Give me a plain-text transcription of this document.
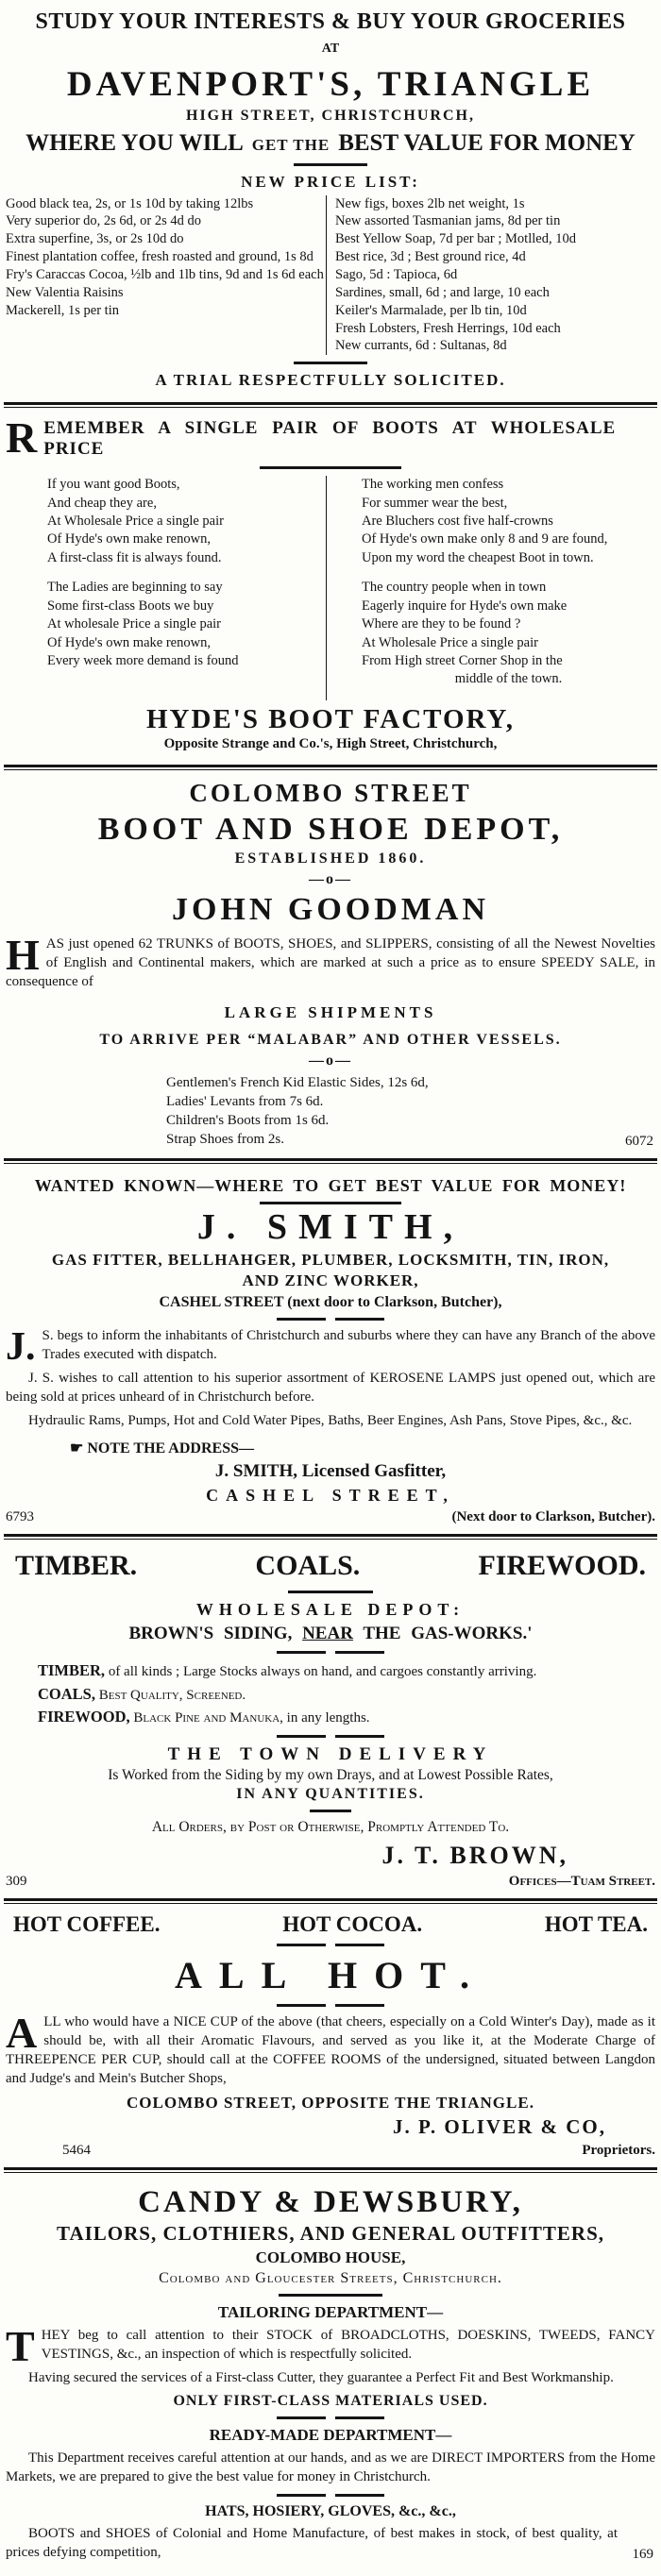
STUDY YOUR INTERESTS & BUY YOUR GROCERIES
AT
DAVENPORT'S, TRIANGLE
HIGH STREET, CHRISTCHURCH,
WHERE YOU WILL GET THE BEST VALUE FOR MONEY
NEW PRICE LIST:
Good black tea, 2s, or 1s 10d by taking 12lbs
Very superior do, 2s 6d, or 2s 4d do
Extra superfine, 3s, or 2s 10d do
Finest plantation coffee, fresh roasted and ground, 1s 8d
Fry's Caraccas Cocoa, ½lb and 1lb tins, 9d and 1s 6d each
New Valentia Raisins
Mackerell, 1s per tin
New figs, boxes 2lb net weight, 1s
New assorted Tasmanian jams, 8d per tin
Best Yellow Soap, 7d per bar ; Motlled, 10d
Best rice, 3d ; Best ground rice, 4d
Sago, 5d : Tapioca, 6d
Sardines, small, 6d ; and large, 10 each
Keiler's Marmalade, per lb tin, 10d
Fresh Lobsters, Fresh Herrings, 10d each
New currants, 6d : Sultanas, 8d
A TRIAL RESPECTFULLY SOLICITED.
R EMEMBER A SINGLE PAIR OF BOOTS AT WHOLESALE PRICE
If you want good Boots,
And cheap they are,
At Wholesale Price a single pair
Of Hyde's own make renown,
A first-class fit is always found.
The Ladies are beginning to say
Some first-class Boots we buy
At wholesale Price a single pair
Of Hyde's own make renown,
Every week more demand is found
The working men confess
For summer wear the best,
Are Bluchers cost five half-crowns
Of Hyde's own make only 8 and 9 are found,
Upon my word the cheapest Boot in town.
The country people when in town
Eagerly inquire for Hyde's own make
Where are they to be found ?
At Wholesale Price a single pair
From High street Corner Shop in the
middle of the town.
HYDE'S BOOT FACTORY,
Opposite Strange and Co.'s, High Street, Christchurch,
COLOMBO STREET
BOOT AND SHOE DEPOT,
ESTABLISHED 1860.
—o—
JOHN GOODMAN

H AS just opened 62 TRUNKS of BOOTS, SHOES, and SLIPPERS, consisting of all the Newest Novelties of English and Continental makers, which are marked at such a price as to ensure SPEEDY SALE, in consequence of

LARGE SHIPMENTS
TO ARRIVE PER “MALABAR” AND OTHER VESSELS.
—o—
Gentlemen's French Kid Elastic Sides, 12s 6d,
Ladies' Levants from 7s 6d.
Children's Boots from 1s 6d.
Strap Shoes from 2s.	6072
WANTED KNOWN—WHERE TO GET BEST VALUE FOR MONEY!
J. SMITH,
GAS FITTER, BELLHAHGER, PLUMBER, LOCKSMITH, TIN, IRON,
AND ZINC WORKER,
CASHEL STREET (next door to Clarkson, Butcher),

J. S. begs to inform the inhabitants of Christchurch and suburbs where they can have any Branch of the above Trades executed with dispatch.

J. S. wishes to call attention to his superior assortment of KEROSENE LAMPS just opened out, which are being sold at prices unheard of in Christchurch before.

Hydraulic Rams, Pumps, Hot and Cold Water Pipes, Baths, Beer Engines, Ash Pans, Stove Pipes, &c., &c.

☛ NOTE THE ADDRESS—
J. SMITH, Licensed Gasfitter,
CASHEL STREET,
6793	(Next door to Clarkson, Butcher).
TIMBER.	COALS.	FIREWOOD.
WHOLESALE DEPOT:
BROWN'S SIDING, NEAR THE GAS-WORKS.'

TIMBER, of all kinds ; Large Stocks always on hand, and cargoes constantly arriving.

COALS, Best Quality, Screened.

FIREWOOD, Black Pine and Manuka, in any lengths.

THE TOWN DELIVERY
Is Worked from the Siding by my own Drays, and at Lowest Possible Rates,
IN ANY QUANTITIES.
All Orders, by Post or Otherwise, Promptly Attended To.
J. T. BROWN,
309	Offices—Tuam Street.
HOT COFFEE.	HOT COCOA.	HOT TEA.
ALL HOT.

A LL who would have a NICE CUP of the above (that cheers, especially on a Cold Winter's Day), made as it should be, with all their Aromatic Flavours, and served as you like it, at the Moderate Charge of THREEPENCE PER CUP, should call at the COFFEE ROOMS of the undersigned, situated between Langdon and Judge's and Mein's Butcher Shops,

COLOMBO STREET, OPPOSITE THE TRIANGLE.
J. P. OLIVER & CO,
5464	Proprietors.
CANDY & DEWSBURY,
TAILORS, CLOTHIERS, AND GENERAL OUTFITTERS,
COLOMBO HOUSE,
Colombo and Gloucester Streets, Christchurch.
TAILORING DEPARTMENT—

T HEY beg to call attention to their STOCK of BROADCLOTHS, DOESKINS, TWEEDS, FANCY VESTINGS, &c., an inspection of which is respectfully solicited.

Having secured the services of a First-class Cutter, they guarantee a Perfect Fit and Best Workmanship.

ONLY FIRST-CLASS MATERIALS USED.
READY-MADE DEPARTMENT—

This Department receives careful attention at our hands, and as we are DIRECT IMPORTERS from the Home Markets, we are prepared to give the best value for money in Christchurch.

HATS, HOSIERY, GLOVES, &c., &c.,

BOOTS and SHOES of Colonial and Home Manufacture, of best makes in stock, of best quality, at prices defying competition,	169
